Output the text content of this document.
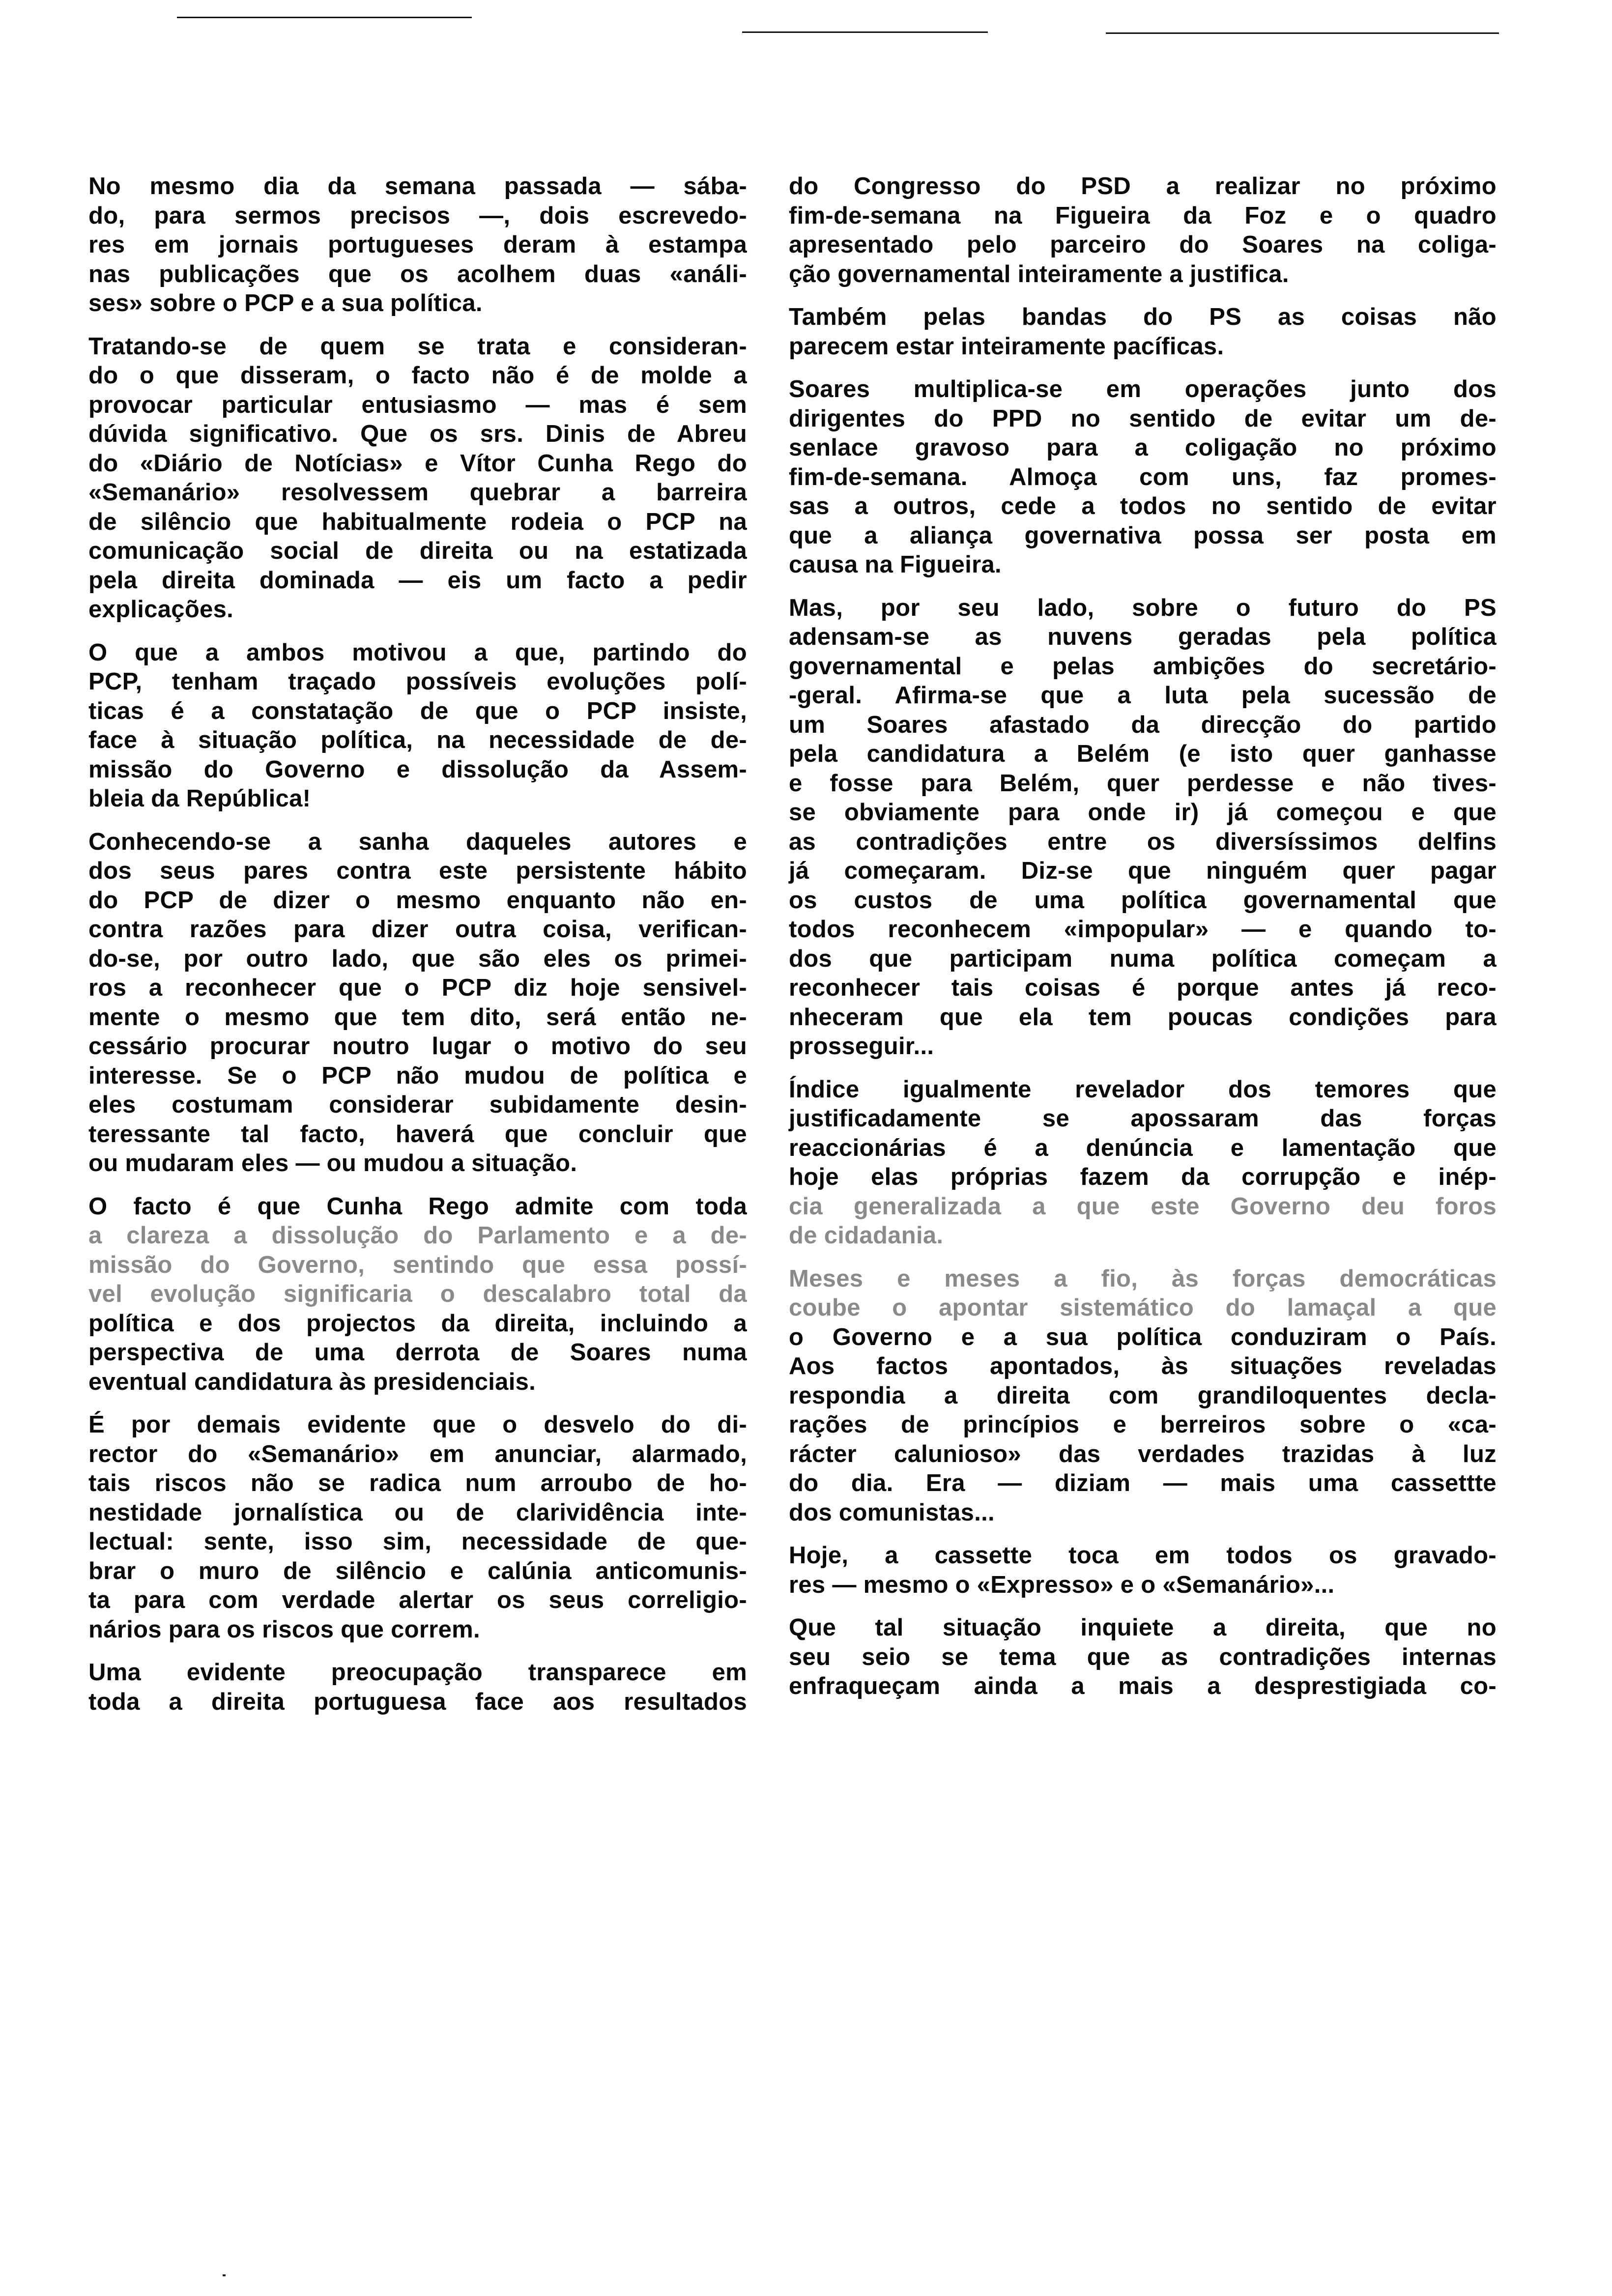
No mesmo dia da semana passada — sába-
do, para sermos precisos —, dois escrevedo-
res em jornais portugueses deram à estampa
nas publicações que os acolhem duas «análi-
ses» sobre o PCP e a sua política.
Tratando-se de quem se trata e consideran-
do o que disseram, o facto não é de molde a
provocar particular entusiasmo — mas é sem
dúvida significativo. Que os srs. Dinis de Abreu
do «Diário de Notícias» e Vítor Cunha Rego do
«Semanário» resolvessem quebrar a barreira
de silêncio que habitualmente rodeia o PCP na
comunicação social de direita ou na estatizada
pela direita dominada — eis um facto a pedir
explicações.
O que a ambos motivou a que, partindo do
PCP, tenham traçado possíveis evoluções polí-
ticas é a constatação de que o PCP insiste,
face à situação política, na necessidade de de-
missão do Governo e dissolução da Assem-
bleia da República!
Conhecendo-se a sanha daqueles autores e
dos seus pares contra este persistente hábito
do PCP de dizer o mesmo enquanto não en-
contra razões para dizer outra coisa, verifican-
do-se, por outro lado, que são eles os primei-
ros a reconhecer que o PCP diz hoje sensivel-
mente o mesmo que tem dito, será então ne-
cessário procurar noutro lugar o motivo do seu
interesse. Se o PCP não mudou de política e
eles costumam considerar subidamente desin-
teressante tal facto, haverá que concluir que
ou mudaram eles — ou mudou a situação.
O facto é que Cunha Rego admite com toda
a clareza a dissolução do Parlamento e a de-
missão do Governo, sentindo que essa possí-
vel evolução significaria o descalabro total da
política e dos projectos da direita, incluindo a
perspectiva de uma derrota de Soares numa
eventual candidatura às presidenciais.
É por demais evidente que o desvelo do di-
rector do «Semanário» em anunciar, alarmado,
tais riscos não se radica num arroubo de ho-
nestidade jornalística ou de clarividência inte-
lectual: sente, isso sim, necessidade de que-
brar o muro de silêncio e calúnia anticomunis-
ta para com verdade alertar os seus correligio-
nários para os riscos que correm.
Uma evidente preocupação transparece em
toda a direita portuguesa face aos resultados
do Congresso do PSD a realizar no próximo
fim-de-semana na Figueira da Foz e o quadro
apresentado pelo parceiro do Soares na coliga-
ção governamental inteiramente a justifica.
Também pelas bandas do PS as coisas não
parecem estar inteiramente pacíficas.
Soares multiplica-se em operações junto dos
dirigentes do PPD no sentido de evitar um de-
senlace gravoso para a coligação no próximo
fim-de-semana. Almoça com uns, faz promes-
sas a outros, cede a todos no sentido de evitar
que a aliança governativa possa ser posta em
causa na Figueira.
Mas, por seu lado, sobre o futuro do PS
adensam-se as nuvens geradas pela política
governamental e pelas ambições do secretário-
-geral. Afirma-se que a luta pela sucessão de
um Soares afastado da direcção do partido
pela candidatura a Belém (e isto quer ganhasse
e fosse para Belém, quer perdesse e não tives-
se obviamente para onde ir) já começou e que
as contradições entre os diversíssimos delfins
já começaram. Diz-se que ninguém quer pagar
os custos de uma política governamental que
todos reconhecem «impopular» — e quando to-
dos que participam numa política começam a
reconhecer tais coisas é porque antes já reco-
nheceram que ela tem poucas condições para
prosseguir...
Índice igualmente revelador dos temores que
justificadamente se apossaram das forças
reaccionárias é a denúncia e lamentação que
hoje elas próprias fazem da corrupção e inép-
cia generalizada a que este Governo deu foros
de cidadania.
Meses e meses a fio, às forças democráticas
coube o apontar sistemático do lamaçal a que
o Governo e a sua política conduziram o País.
Aos factos apontados, às situações reveladas
respondia a direita com grandiloquentes decla-
rações de princípios e berreiros sobre o «ca-
rácter calunioso» das verdades trazidas à luz
do dia. Era — diziam — mais uma cassettte
dos comunistas...
Hoje, a cassette toca em todos os gravado-
res — mesmo o «Expresso» e o «Semanário»...
Que tal situação inquiete a direita, que no
seu seio se tema que as contradições internas
enfraqueçam ainda a mais a desprestigiada co-
